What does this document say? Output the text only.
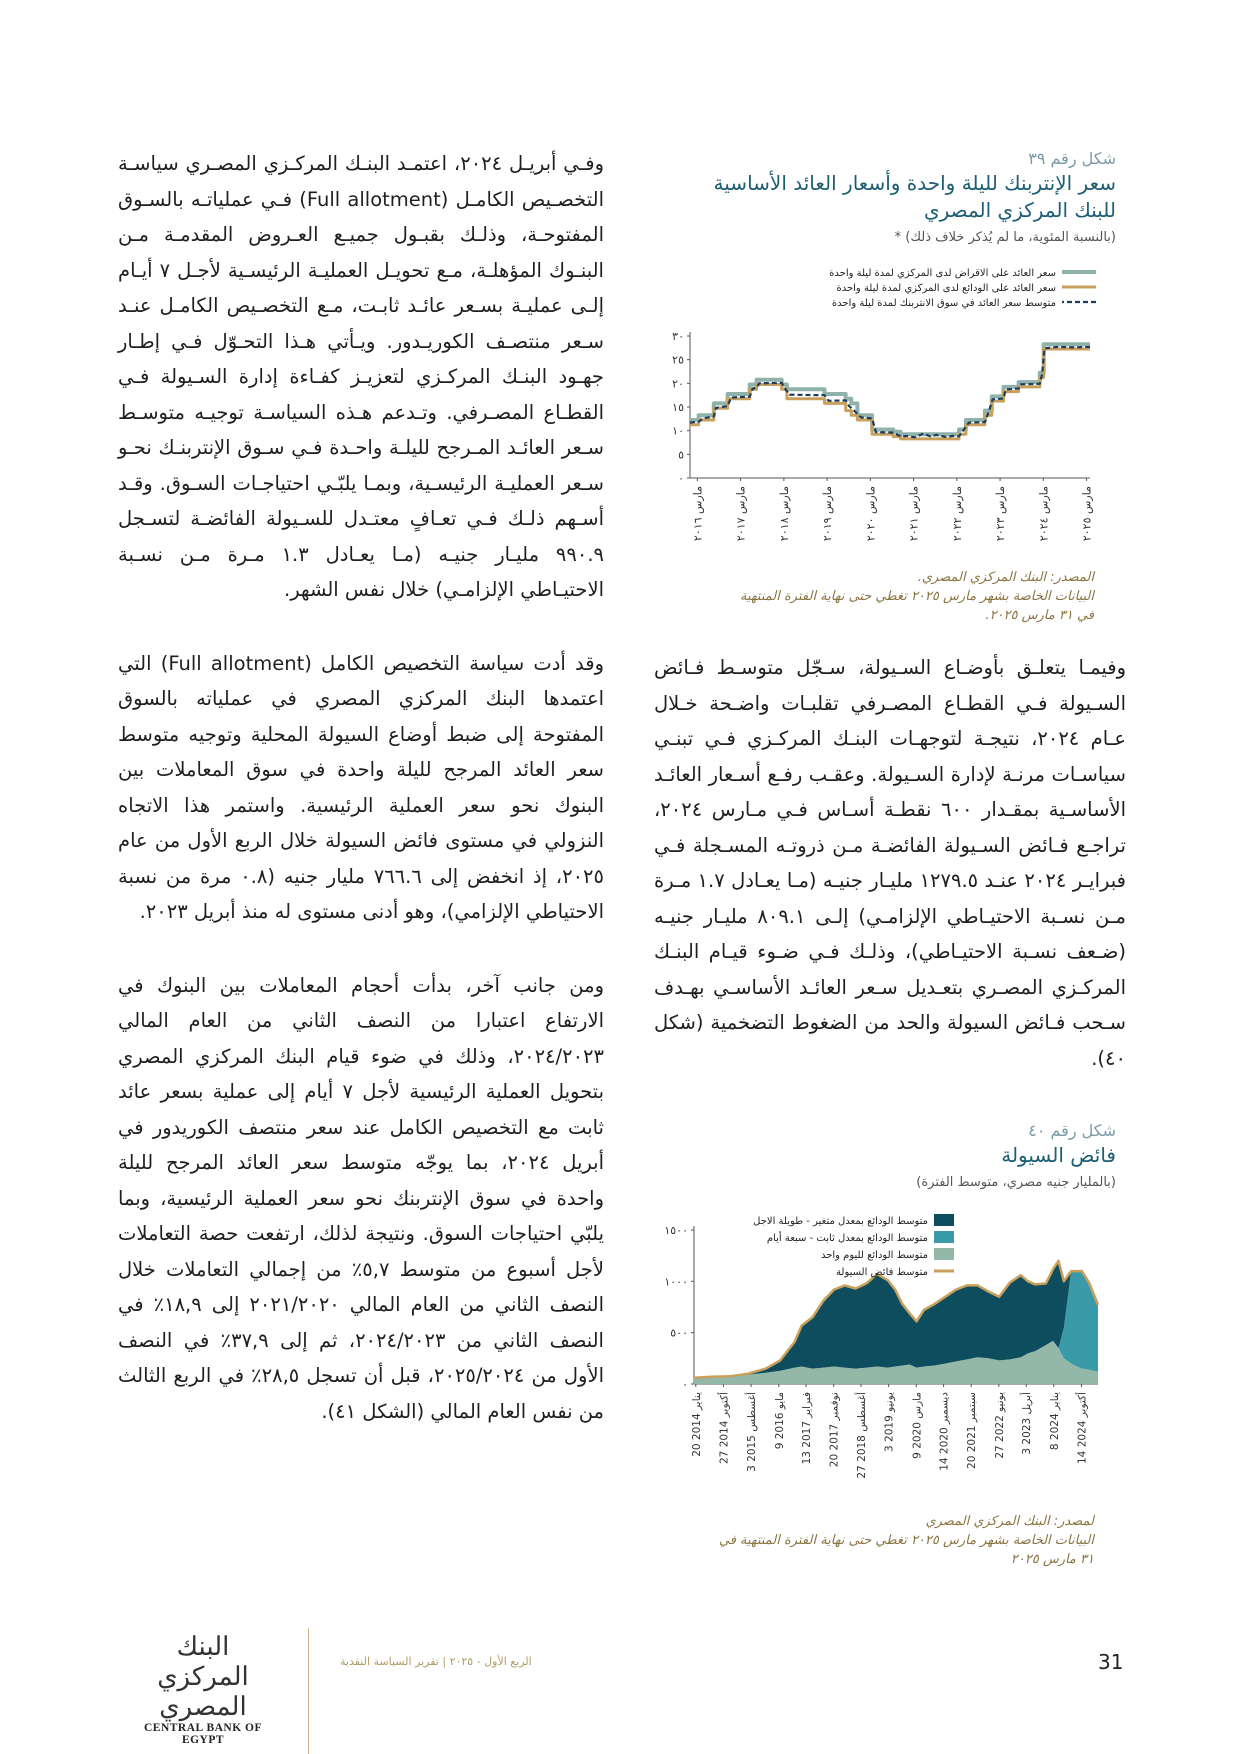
وفـي أبريـل ٢٠٢٤، اعتمـد البنـك المركـزي المصـري سياسـة التخصـيص الكامـل (Full allotment) فـي عملياتـه بالسـوق المفتوحـة، وذلـك بقبـول جميـع العـروض المقدمـة مـن البنـوك المؤهلـة، مـع تحويـل العمليـة الرئيسـية لأجـل ٧ أيـام إلـى عمليـة بسـعر عائـد ثابـت، مـع التخصـيص الكامـل عنـد سـعر منتصـف الكوريـدور. ويـأتي هـذا التحـوّل فـي إطـار جهـود البنـك المركـزي لتعزيـز كفـاءة إدارة السـيولة فـي القطـاع المصـرفي. وتـدعم هـذه السياسـة توجيـه متوسـط سـعر العائـد المـرجح لليلـة واحـدة فـي سـوق الإنتربنـك نحـو سـعر العمليـة الرئيسـية، وبمـا يلبّـي احتياجـات السـوق. وقـد أسـهم ذلـك فـي تعـافٍ معتـدل للسـيولة الفائضـة لتسـجل ٩٩٠.٩ مليـار جنيـه (مـا يعـادل ١.٣ مـرة مـن نسـبة الاحتيـاطي الإلزامـي) خلال نفس الشهر.

وقد أدت سياسة التخصيص الكامل (Full allotment) التي اعتمدها البنك المركزي المصري في عملياته بالسوق المفتوحة إلى ضبط أوضاع السيولة المحلية وتوجيه متوسط سعر العائد المرجح لليلة واحدة في سوق المعاملات بين البنوك نحو سعر العملية الرئيسية. واستمر هذا الاتجاه النزولي في مستوى فائض السيولة خلال الربع الأول من عام ٢٠٢٥، إذ انخفض إلى ٧٦٦.٦ مليار جنيه (٠.٨ مرة من نسبة الاحتياطي الإلزامي)، وهو أدنى مستوى له منذ أبريل ٢٠٢٣.

ومن جانب آخر، بدأت أحجام المعاملات بين البنوك في الارتفاع اعتبارا من النصف الثاني من العام المالي ٢٠٢٤/٢٠٢٣، وذلك في ضوء قيام البنك المركزي المصري بتحويل العملية الرئيسية لأجل ٧ أيام إلى عملية بسعر عائد ثابت مع التخصيص الكامل عند سعر منتصف الكوريدور في أبريل ٢٠٢٤، بما يوجّه متوسط سعر العائد المرجح لليلة واحدة في سوق الإنتربنك نحو سعر العملية الرئيسية، وبما يلبّي احتياجات السوق. ونتيجة لذلك، ارتفعت حصة التعاملات لأجل أسبوع من متوسط ٥,٧٪ من إجمالي التعاملات خلال النصف الثاني من العام المالي ٢٠٢١/٢٠٢٠ إلى ١٨,٩٪ في النصف الثاني من ٢٠٢٤/٢٠٢٣، ثم إلى ٣٧,٩٪ في النصف الأول من ٢٠٢٥/٢٠٢٤، قبل أن تسجل ٢٨,٥٪ في الربع الثالث من نفس العام المالي (الشكل ٤١).

شكل رقم ٣٩
سعر الإنتربنك لليلة واحدة وأسعار العائد الأساسية
للبنك المركزي المصري
(بالنسبة المئوية، ما لم يُذكر خلاف ذلك) *
٠
٥
١٠
١٥
٢٠
٢٥
٣٠
مارس ٢٠١٦
مارس ٢٠١٧
مارس ٢٠١٨
مارس ٢٠١٩
مارس ٢٠٢٠
مارس ٢٠٢١
مارس ٢٠٢٢
مارس ٢٠٢٣
مارس ٢٠٢٤
مارس ٢٠٢٥
سعر العائد على الاقراض لدى المركزي لمدة ليلة واحدة
سعر العائد على الودائع لدى المركزي لمدة ليلة واحدة
متوسط سعر العائد في سوق الانتربنك لمدة ليلة واحدة
المصدر: البنك المركزي المصري.
البيانات الخاصة بشهر مارس ٢٠٢٥ تغطي حتى نهاية الفترة المنتهية
في ٣١ مارس ٢٠٢٥.

وفيمـا يتعلـق بأوضـاع السـيولة، سـجّل متوسـط فـائض السـيولة فـي القطـاع المصـرفي تقلبـات واضـحة خـلال عـام ٢٠٢٤، نتيجـة لتوجهـات البنـك المركـزي فـي تبنـي سياسـات مرنـة لإدارة السـيولة. وعقـب رفـع أسـعار العائـد الأساسـية بمقـدار ٦٠٠ نقطـة أسـاس فـي مـارس ٢٠٢٤، تراجـع فـائض السـيولة الفائضـة مـن ذروتـه المسـجلة فـي فبرايـر ٢٠٢٤ عنـد ١٢٧٩.٥ مليـار جنيـه (مـا يعـادل ١.٧ مـرة مـن نسـبة الاحتيـاطي الإلزامـي) إلـى ٨٠٩.١ مليـار جنيـه (ضـعف نسـبة الاحتيـاطي)، وذلـك فـي ضـوء قيـام البنـك المركـزي المصـري بتعـديل سـعر العائـد الأساسـي بهـدف سـحب فـائض السيولة والحد من الضغوط التضخمية (شكل ٤٠).

شكل رقم ٤٠
فائض السيولة
(بالمليار جنيه مصري، متوسط الفترة)
٠
٥٠٠
١٠٠٠
١٥٠٠
20 يناير 2014
27 أكتوبر 2014
3 أغسطس 2015
9 مايو 2016
13 فبراير 2017
20 نوفمبر 2017
27 أغسطس 2018
3 يونيو 2019
9 مارس 2020
14 ديسمبر 2020
20 سبتمبر 2021
27 يونيو 2022
3 أبريل 2023
8 يناير 2024
14 أكتوبر 2024
متوسط الودائع بمعدل متغير - طويلة الاجل
متوسط الودائع بمعدل ثابت - سبعة أيام
متوسط الودائع لليوم واحد
متوسط فائض السيولة
لمصدر: البنك المركزي المصري
البيانات الخاصة بشهر مارس ٢٠٢٥ تغطي حتى نهاية الفترة المنتهية في
٣١ مارس ٢٠٢٥
البنك المركزي المصري
CENTRAL BANK OF EGYPT
الربع الأول - ٢٠٢٥ | تقرير السياسة النقدية	31
